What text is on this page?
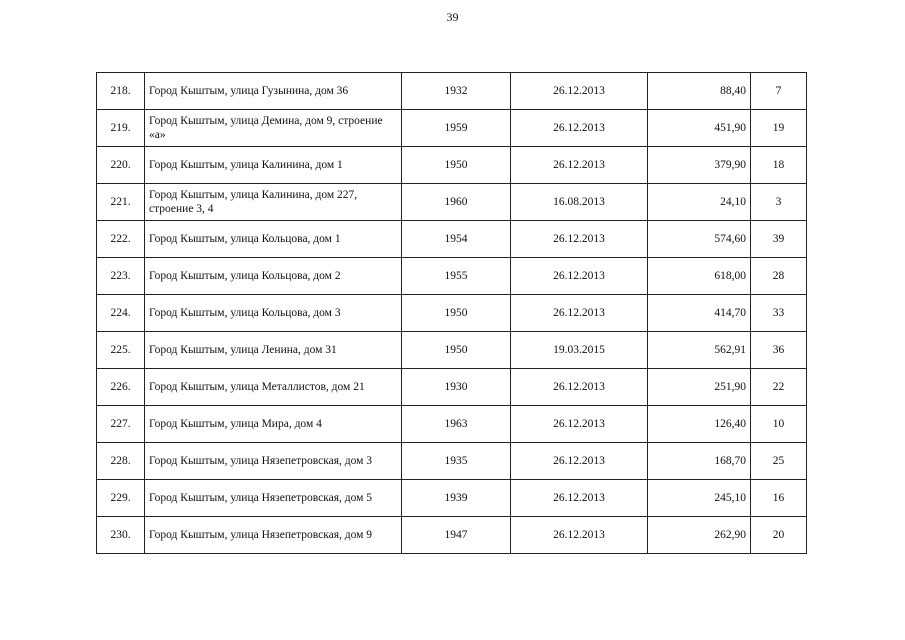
39
218.	Город Кыштым, улица Гузынина, дом 36	1932	26.12.2013	88,40	7
219.	Город Кыштым, улица Демина, дом 9, строение «а»	1959	26.12.2013	451,90	19
220.	Город Кыштым, улица Калинина, дом 1	1950	26.12.2013	379,90	18
221.	Город Кыштым, улица Калинина, дом 227, строение 3, 4	1960	16.08.2013	24,10	3
222.	Город Кыштым, улица Кольцова, дом 1	1954	26.12.2013	574,60	39
223.	Город Кыштым, улица Кольцова, дом 2	1955	26.12.2013	618,00	28
224.	Город Кыштым, улица Кольцова, дом 3	1950	26.12.2013	414,70	33
225.	Город Кыштым, улица Ленина, дом 31	1950	19.03.2015	562,91	36
226.	Город Кыштым, улица Металлистов, дом 21	1930	26.12.2013	251,90	22
227.	Город Кыштым, улица Мира, дом 4	1963	26.12.2013	126,40	10
228.	Город Кыштым, улица Нязепетровская, дом 3	1935	26.12.2013	168,70	25
229.	Город Кыштым, улица Нязепетровская, дом 5	1939	26.12.2013	245,10	16
230.	Город Кыштым, улица Нязепетровская, дом 9	1947	26.12.2013	262,90	20
